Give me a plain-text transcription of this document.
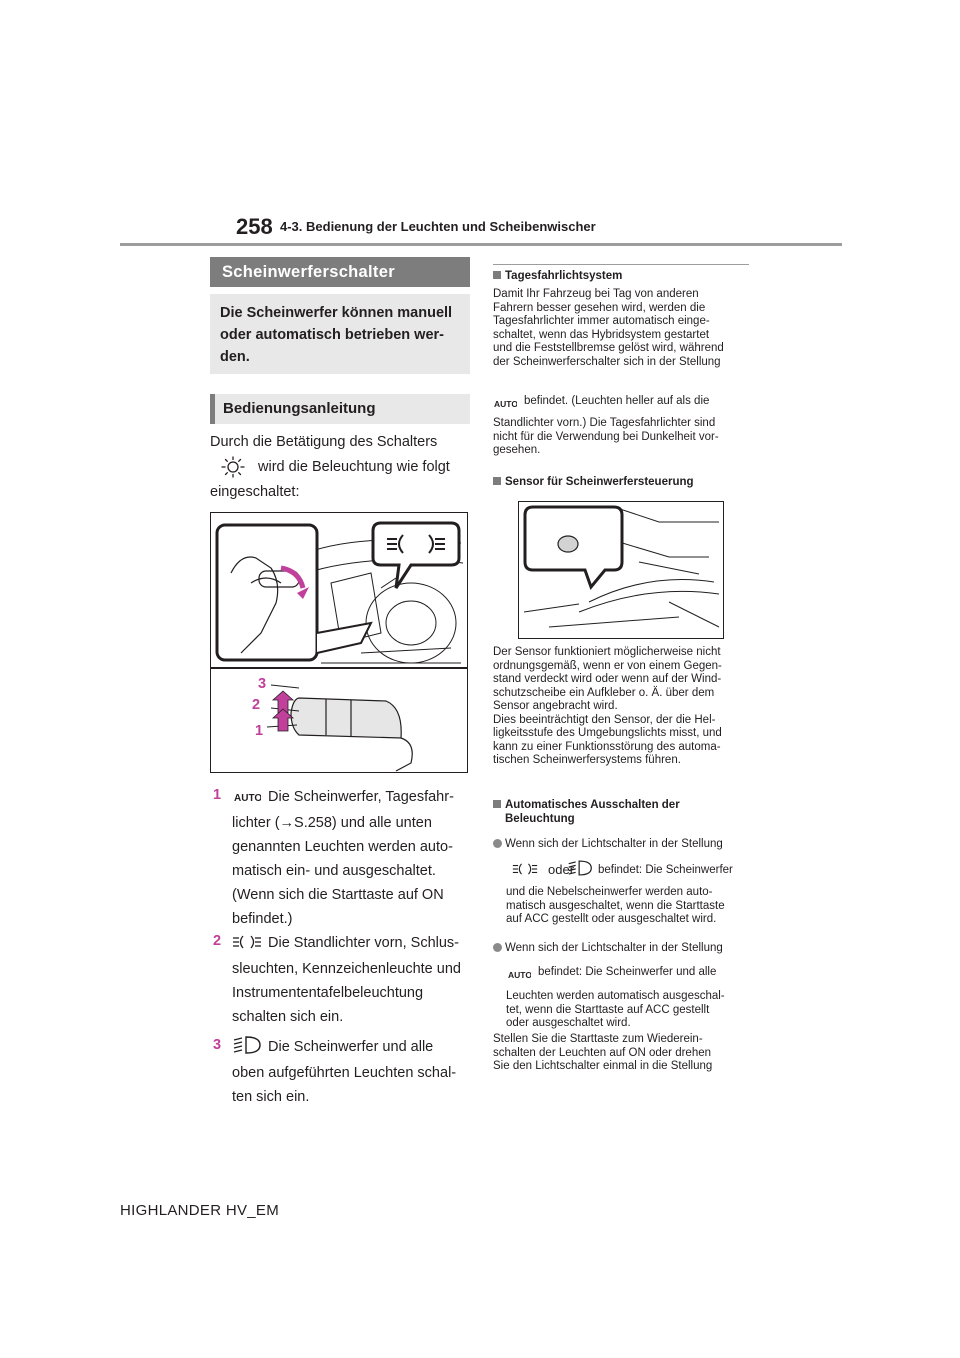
258 4-3. Bedienung der Leuchten und Scheibenwischer
Scheinwerferschalter
Die Scheinwerfer können manuell
oder automatisch betrieben wer-
den.
Bedienungsanleitung
Durch die Betätigung des Schalters
wird die Beleuchtung wie folgt
eingeschaltet:
3
2
1
1 AUTO Die Scheinwerfer, Tagesfahr-
lichter (→S.258) und alle unten
genannten Leuchten werden auto-
matisch ein- und ausgeschaltet.
(Wenn sich die Starttaste auf ON
befindet.)
2	Die Standlichter vorn, Schlus-
sleuchten, Kennzeichenleuchte und
Instrumententafelbeleuchtung
schalten sich ein.
3	Die Scheinwerfer und alle
oben aufgeführten Leuchten schal-
ten sich ein.
Tagesfahrlichtsystem
Damit Ihr Fahrzeug bei Tag von anderen
Fahrern besser gesehen wird, werden die
Tagesfahrlichter immer automatisch einge-
schaltet, wenn das Hybridsystem gestartet
und die Feststellbremse gelöst wird, während
der Scheinwerferschalter sich in der Stellung
AUTO befindet. (Leuchten heller auf als die
Standlichter vorn.) Die Tagesfahrlichter sind
nicht für die Verwendung bei Dunkelheit vor-
gesehen.
Sensor für Scheinwerfersteuerung
Der Sensor funktioniert möglicherweise nicht
ordnungsgemäß, wenn er von einem Gegen-
stand verdeckt wird oder wenn auf der Wind-
schutzscheibe ein Aufkleber o. Ä. über dem
Sensor angebracht wird.
Dies beeinträchtigt den Sensor, der die Hel-
ligkeitsstufe des Umgebungslichts misst, und
kann zu einer Funktionsstörung des automa-
tischen Scheinwerfersystems führen.
Automatisches Ausschalten der
Beleuchtung
Wenn sich der Lichtschalter in der Stellung
oder befindet: Die Scheinwerfer
und die Nebelscheinwerfer werden auto-
matisch ausgeschaltet, wenn die Starttaste
auf ACC gestellt oder ausgeschaltet wird.
Wenn sich der Lichtschalter in der Stellung
AUTO befindet: Die Scheinwerfer und alle
Leuchten werden automatisch ausgeschal-
tet, wenn die Starttaste auf ACC gestellt
oder ausgeschaltet wird.
Stellen Sie die Starttaste zum Wiederein-
schalten der Leuchten auf ON oder drehen
Sie den Lichtschalter einmal in die Stellung
HIGHLANDER HV_EM
